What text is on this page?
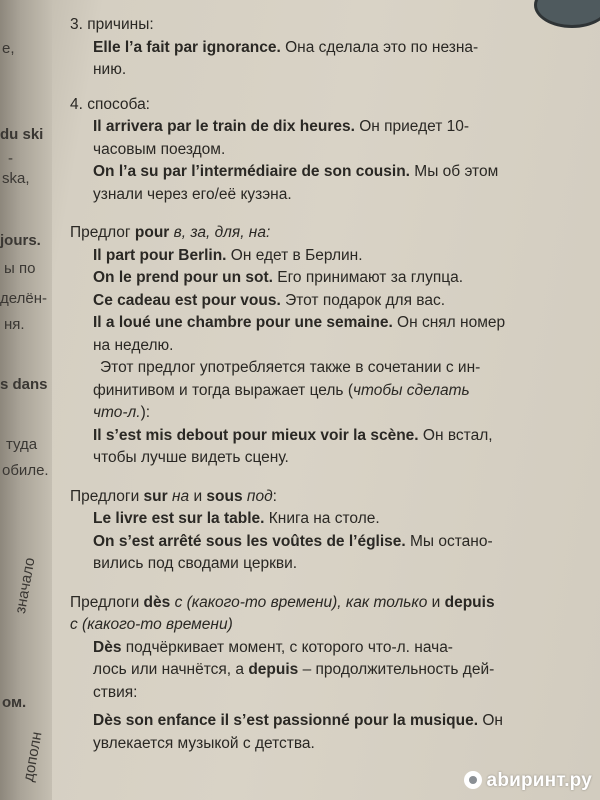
e,
du ski
-
ska,
jours.
ы по
делён-
ня.
s dans
туда
обиле.
значало
ом.
дополн
3. причины:
Elle l’a fait par ignorance. Она сделала это по незна-
нию.
4. способа:
Il arrivera par le train de dix heures. Он приедет 10-
часовым поездом.
On l’a su par l’intermédiaire de son cousin. Мы об этом
узнали через его/её кузэна.
Предлог pour в, за, для, на:
Il part pour Berlin. Он едет в Берлин.
On le prend pour un sot. Его принимают за глупца.
Ce cadeau est pour vous. Этот подарок для вас.
Il a loué une chambre pour une semaine. Он снял номер
на неделю.
Этот предлог употребляется также в сочетании с ин-
финитивом и тогда выражает цель (чтобы сделать
что-л.):
Il s’est mis debout pour mieux voir la scène. Он встал,
чтобы лучше видеть сцену.
Предлоги sur на и sous под:
Le livre est sur la table. Книга на столе.
On s’est arrêté sous les voûtes de l’église. Мы остано-
вились под сводами церкви.
Предлоги dès с (какого-то времени), как только и depuis
с (какого-то времени)
Dès подчёркивает момент, с которого что-л. нача-
лось или начнётся, а depuis – продолжительность дей-
ствия:
Dès son enfance il s’est passionné pour la musique. Он
увлекается музыкой с детства.
abиринт.ру
